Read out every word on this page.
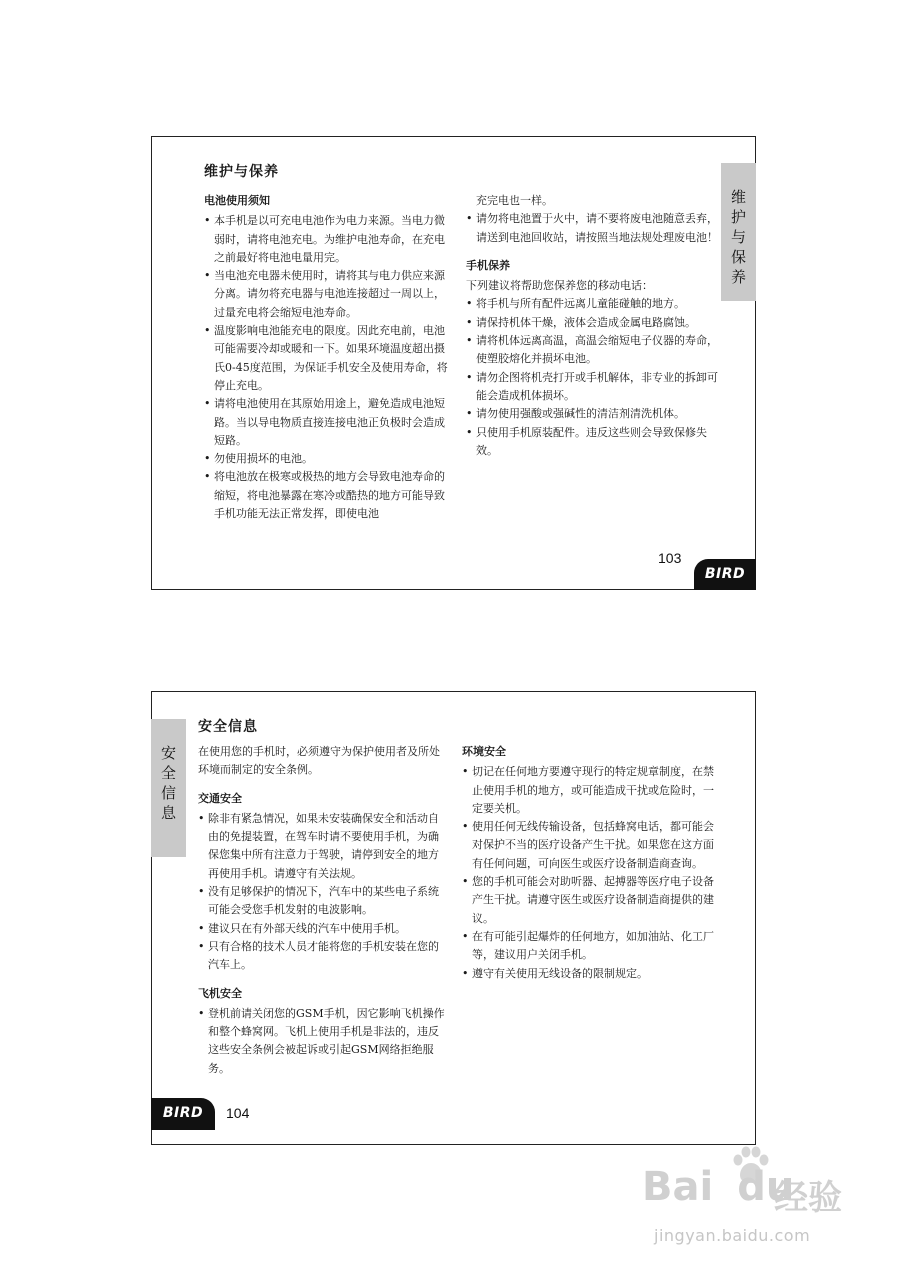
维护与保养

电池使用须知

• 本手机是以可充电电池作为电力来源。当电力微弱时，请将电池充电。为维护电池寿命，在充电之前最好将电池电量用完。
• 当电池充电器未使用时，请将其与电力供应来源分离。请勿将充电器与电池连接超过一周以上，过量充电将会缩短电池寿命。
• 温度影响电池能充电的限度。因此充电前，电池可能需要冷却或暖和一下。如果环境温度超出摄氏0-45度范围，为保证手机安全及使用寿命，将停止充电。
• 请将电池使用在其原始用途上，避免造成电池短路。当以导电物质直接连接电池正负极时会造成短路。
• 勿使用损坏的电池。
• 将电池放在极寒或极热的地方会导致电池寿命的缩短，将电池暴露在寒冷或酷热的地方可能导致手机功能无法正常发挥，即使电池

充完电也一样。

• 请勿将电池置于火中，请不要将废电池随意丢弃，请送到电池回收站，请按照当地法规处理废电池！

手机保养

下列建议将帮助您保养您的移动电话：

• 将手机与所有配件远离儿童能碰触的地方。
• 请保持机体干燥，液体会造成金属电路腐蚀。
• 请将机体远离高温，高温会缩短电子仪器的寿命，使塑胶熔化并损坏电池。
• 请勿企图将机壳打开或手机解体，非专业的拆卸可能会造成机体损坏。
• 请勿使用强酸或强碱性的清洁剂清洗机体。
• 只使用手机原装配件。违反这些则会导致保修失效。
维
护
与
保
养
103
BIRD
安全信息
安
全
信
息

在使用您的手机时，必须遵守为保护使用者及所处环境而制定的安全条例。

交通安全

• 除非有紧急情况，如果未安装确保安全和活动自由的免提装置，在驾车时请不要使用手机，为确保您集中所有注意力于驾驶，请停到安全的地方再使用手机。请遵守有关法规。
• 没有足够保护的情况下，汽车中的某些电子系统可能会受您手机发射的电波影响。
• 建议只在有外部天线的汽车中使用手机。
• 只有合格的技术人员才能将您的手机安装在您的汽车上。

飞机安全

• 登机前请关闭您的GSM手机，因它影响飞机操作和整个蜂窝网。飞机上使用手机是非法的，违反这些安全条例会被起诉或引起GSM网络拒绝服务。

环境安全

• 切记在任何地方要遵守现行的特定规章制度，在禁止使用手机的地方，或可能造成干扰或危险时，一定要关机。
• 使用任何无线传输设备，包括蜂窝电话，都可能会对保护不当的医疗设备产生干扰。如果您在这方面有任何问题，可向医生或医疗设备制造商查询。
• 您的手机可能会对助听器、起搏器等医疗电子设备产生干扰。请遵守医生或医疗设备制造商提供的建议。
• 在有可能引起爆炸的任何地方，如加油站、化工厂等，建议用户关闭手机。
• 遵守有关使用无线设备的限制规定。
BIRD	104
Bai du
经验
jingyan.baidu.com
